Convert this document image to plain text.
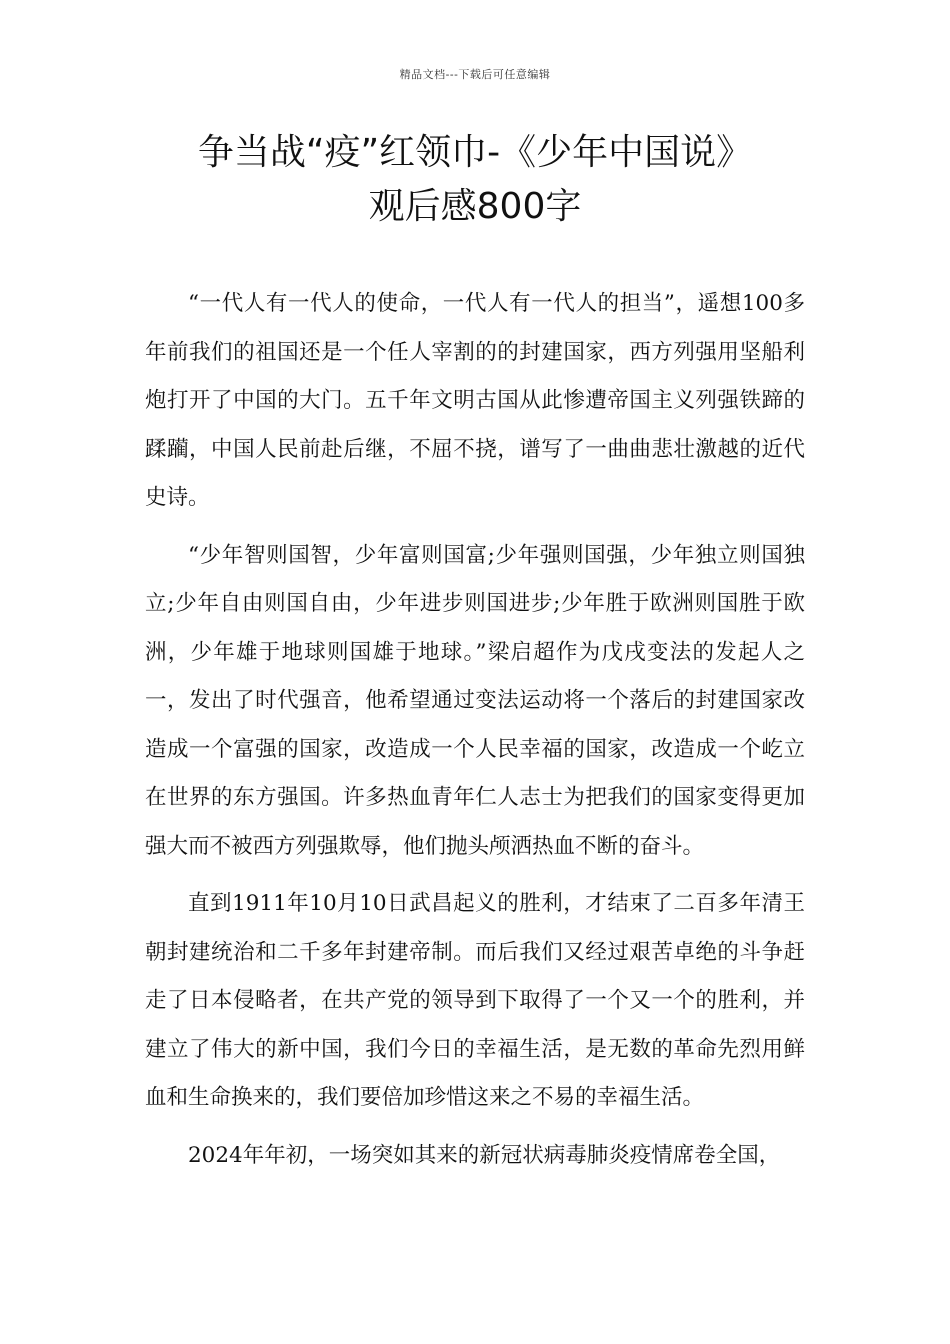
精品文档---下载后可任意编辑
争当战“疫”红领巾-《少年中国说》
观后感800字

“一代人有一代人的使命，一代人有一代人的担当”，遥想100多年前我们的祖国还是一个任人宰割的的封建国家，西方列强用坚船利炮打开了中国的大门。五千年文明古国从此惨遭帝国主义列强铁蹄的蹂躏，中国人民前赴后继，不屈不挠，谱写了一曲曲悲壮激越的近代史诗。

“少年智则国智，少年富则国富;少年强则国强，少年独立则国独立;少年自由则国自由，少年进步则国进步;少年胜于欧洲则国胜于欧洲，少年雄于地球则国雄于地球。”梁启超作为戊戌变法的发起人之一，发出了时代强音，他希望通过变法运动将一个落后的封建国家改造成一个富强的国家，改造成一个人民幸福的国家，改造成一个屹立在世界的东方强国。许多热血青年仁人志士为把我们的国家变得更加强大而不被西方列强欺辱，他们抛头颅洒热血不断的奋斗。

直到1911年10月10日武昌起义的胜利，才结束了二百多年清王朝封建统治和二千多年封建帝制。而后我们又经过艰苦卓绝的斗争赶走了日本侵略者，在共产党的领导到下取得了一个又一个的胜利，并建立了伟大的新中国，我们今日的幸福生活，是无数的革命先烈用鲜血和生命换来的，我们要倍加珍惜这来之不易的幸福生活。

2024年年初，一场突如其来的新冠状病毒肺炎疫情席卷全国，
